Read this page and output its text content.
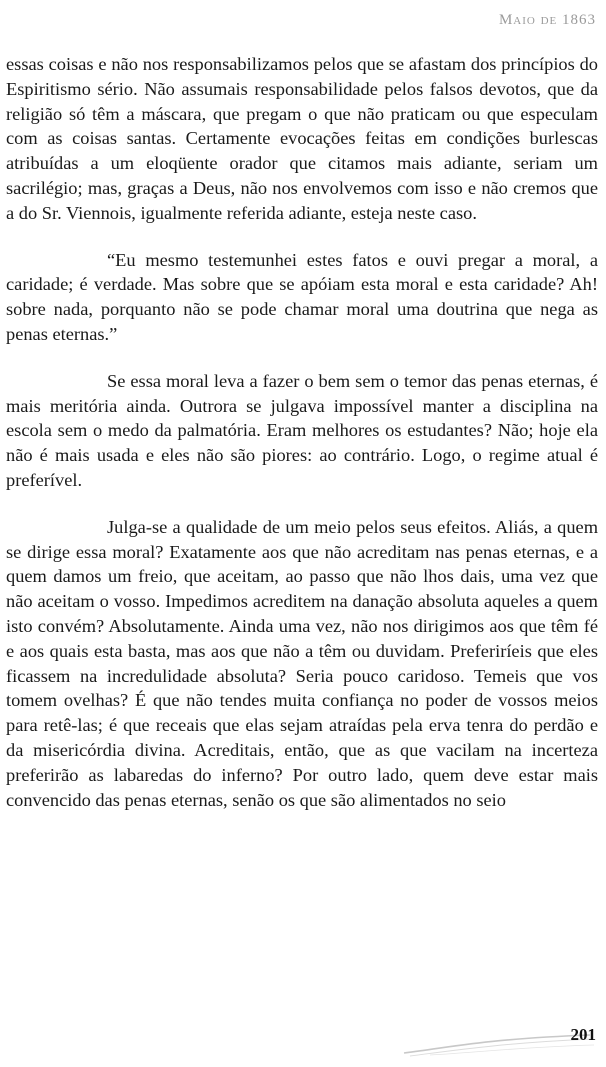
Maio de 1863

essas coisas e não nos responsabilizamos pelos que se afastam dos princípios do Espiritismo sério. Não assumais responsabilidade pelos falsos devotos, que da religião só têm a máscara, que pregam o que não praticam ou que especulam com as coisas santas. Certamente evocações feitas em condições burlescas atribuídas a um eloqüente orador que citamos mais adiante, seriam um sacrilégio; mas, graças a Deus, não nos envolvemos com isso e não cremos que a do Sr. Viennois, igualmente referida adiante, esteja neste caso.

“Eu mesmo testemunhei estes fatos e ouvi pregar a moral, a caridade; é verdade. Mas sobre que se apóiam esta moral e esta caridade? Ah! sobre nada, porquanto não se pode chamar moral uma doutrina que nega as penas eternas.”

Se essa moral leva a fazer o bem sem o temor das penas eternas, é mais meritória ainda. Outrora se julgava impossível manter a disciplina na escola sem o medo da palmatória. Eram melhores os estudantes? Não; hoje ela não é mais usada e eles não são piores: ao contrário. Logo, o regime atual é preferível.

Julga-se a qualidade de um meio pelos seus efeitos. Aliás, a quem se dirige essa moral? Exatamente aos que não acreditam nas penas eternas, e a quem damos um freio, que aceitam, ao passo que não lhos dais, uma vez que não aceitam o vosso. Impedimos acreditem na danação absoluta aqueles a quem isto convém? Absolutamente. Ainda uma vez, não nos dirigimos aos que têm fé e aos quais esta basta, mas aos que não a têm ou duvidam. Preferiríeis que eles ficassem na incredulidade absoluta? Seria pouco caridoso. Temeis que vos tomem ovelhas? É que não tendes muita confiança no poder de vossos meios para retê-las; é que receais que elas sejam atraídas pela erva tenra do perdão e da misericórdia divina. Acreditais, então, que as que vacilam na incerteza preferirão as labaredas do inferno? Por outro lado, quem deve estar mais convencido das penas eternas, senão os que são alimentados no seio

201
